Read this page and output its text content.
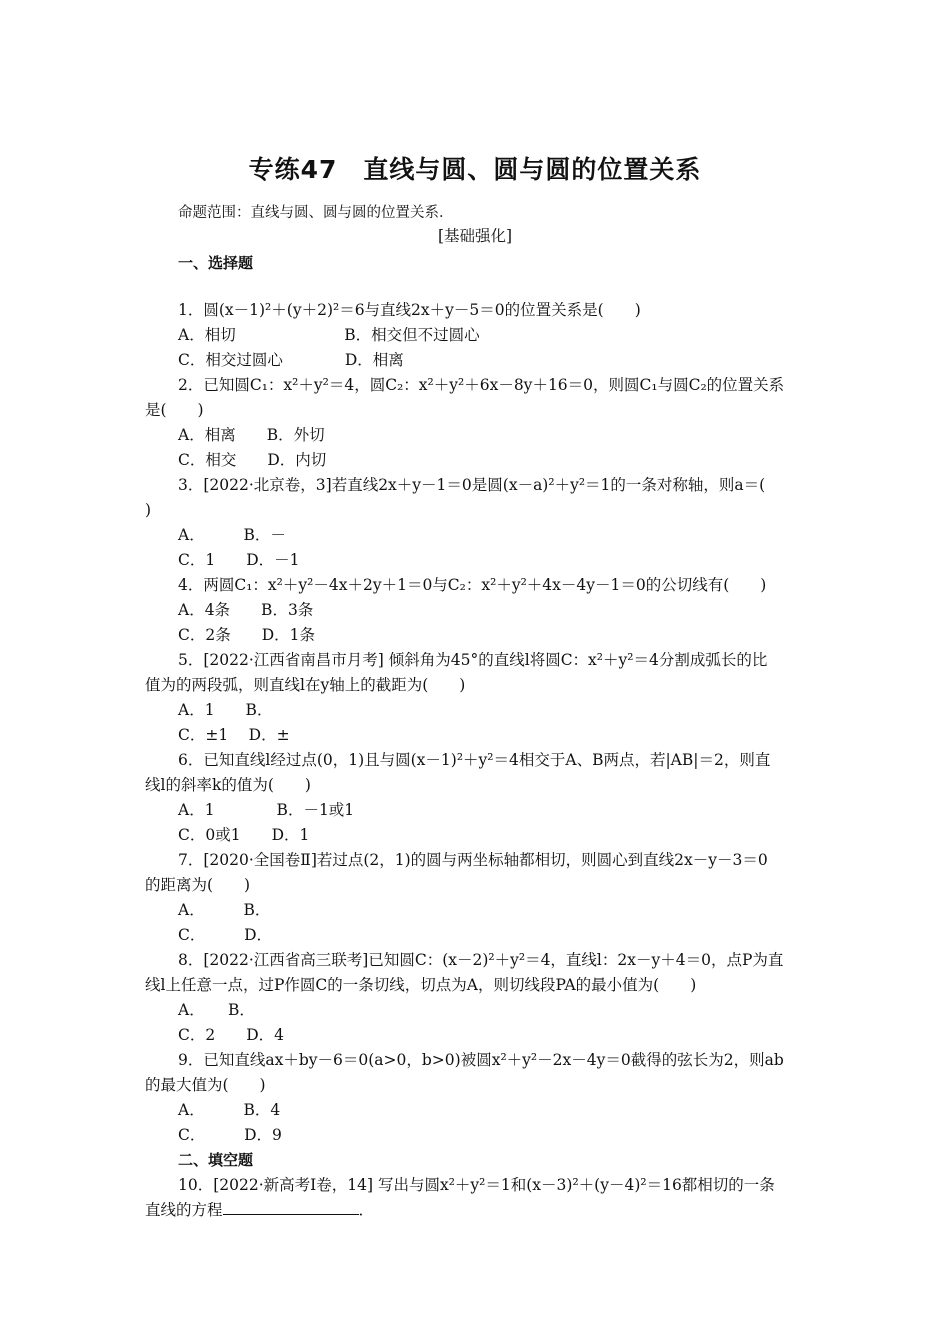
专练47　直线与圆、圆与圆的位置关系
命题范围：直线与圆、圆与圆的位置关系．
[基础强化]
一、选择题
1．圆(x－1)²＋(y＋2)²＝6与直线2x＋y－5＝0的位置关系是(　　)
A．相切　　　　　　　B．相交但不过圆心
C．相交过圆心　　　　D．相离
2．已知圆C₁：x²＋y²＝4，圆C₂：x²＋y²＋6x－8y＋16＝0，则圆C₁与圆C₂的位置关系
是(　　)
A．相离　　B．外切
C．相交　　D．内切
3．[2022·北京卷，3]若直线2x＋y－1＝0是圆(x－a)²＋y²＝1的一条对称轴，则a＝(
)
A．　　　B．－
C．1　　D．－1
4．两圆C₁：x²＋y²－4x＋2y＋1＝0与C₂：x²＋y²＋4x－4y－1＝0的公切线有(　　)
A．4条　　B．3条
C．2条　　D．1条
5．[2022·江西省南昌市月考] 倾斜角为45°的直线l将圆C：x²＋y²＝4分割成弧长的比
值为的两段弧，则直线l在y轴上的截距为(　　)
A．1　　B．
C．±1　 D．±
6．已知直线l经过点(0，1)且与圆(x－1)²＋y²＝4相交于A、B两点，若|AB|＝2，则直
线l的斜率k的值为(　　)
A．1　　　　B．－1或1
C．0或1　　D．1
7．[2020·全国卷Ⅱ]若过点(2，1)的圆与两坐标轴都相切，则圆心到直线2x－y－3＝0
的距离为(　　)
A．　　　B．
C．　　　D．
8．[2022·江西省高三联考]已知圆C：(x－2)²＋y²＝4，直线l：2x－y＋4＝0，点P为直
线l上任意一点，过P作圆C的一条切线，切点为A，则切线段PA的最小值为(　　)
A．　　B．
C．2　　D．4
9．已知直线ax＋by－6＝0(a>0，b>0)被圆x²＋y²－2x－4y＝0截得的弦长为2，则ab
的最大值为(　　)
A．　　　B．4
C．　　　D．9
二、填空题
10．[2022·新高考Ⅰ卷，14] 写出与圆x²＋y²＝1和(x－3)²＋(y－4)²＝16都相切的一条
直线的方程	．
